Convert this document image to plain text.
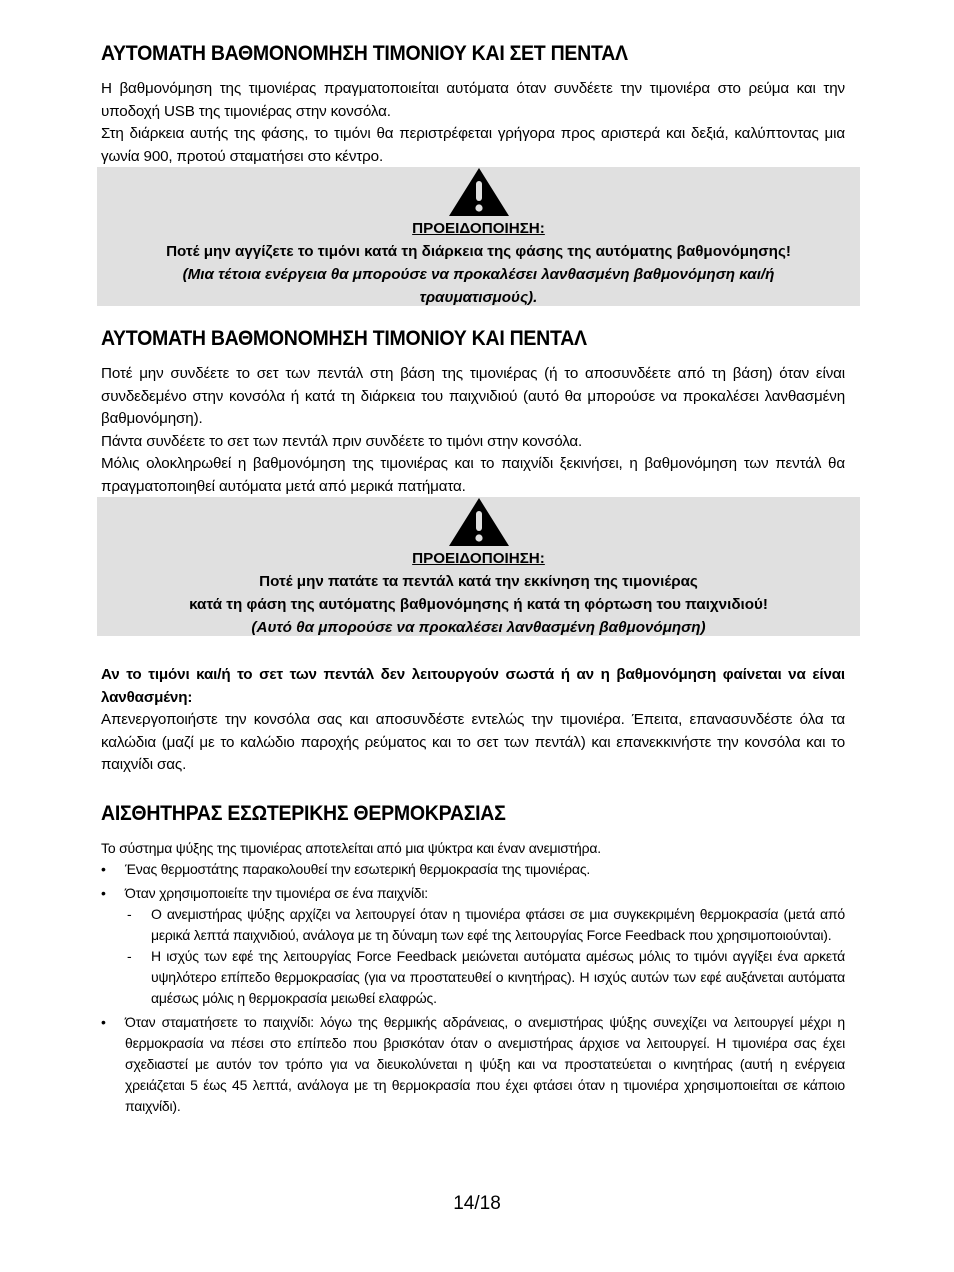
ΑΥΤΟΜΑΤΗ ΒΑΘΜΟΝΟΜΗΣΗ ΤΙΜΟΝΙΟΥ ΚΑΙ ΣΕΤ ΠΕΝΤΑΛ

Η βαθμονόμηση της τιμονιέρας πραγματοποιείται αυτόματα όταν συνδέετε την τιμονιέρα στο ρεύμα και την υποδοχή USB της τιμονιέρας στην κονσόλα.

Στη διάρκεια αυτής της φάσης, το τιμόνι θα περιστρέφεται γρήγορα προς αριστερά και δεξιά, καλύπτοντας μια γωνία 900, προτού σταματήσει στο κέντρο.

ΠΡΟΕΙΔΟΠΟΙΗΣΗ:
Ποτέ μην αγγίζετε το τιμόνι κατά τη διάρκεια της φάσης της αυτόματης βαθμονόμησης!
(Μια τέτοια ενέργεια θα μπορούσε να προκαλέσει λανθασμένη βαθμονόμηση και/ή
τραυματισμούς).
ΑΥΤΟΜΑΤΗ ΒΑΘΜΟΝΟΜΗΣΗ ΤΙΜΟΝΙΟΥ ΚΑΙ ΠΕΝΤΑΛ

Ποτέ μην συνδέετε το σετ των πεντάλ στη βάση της τιμονιέρας (ή το αποσυνδέετε από τη βάση) όταν είναι συνδεδεμένο στην κονσόλα ή κατά τη διάρκεια του παιχνιδιού (αυτό θα μπορούσε να προκαλέσει λανθασμένη βαθμονόμηση).

Πάντα συνδέετε το σετ των πεντάλ πριν συνδέετε το τιμόνι στην κονσόλα.

Μόλις ολοκληρωθεί η βαθμονόμηση της τιμονιέρας και το παιχνίδι ξεκινήσει, η βαθμονόμηση των πεντάλ θα πραγματοποιηθεί αυτόματα μετά από μερικά πατήματα.

ΠΡΟΕΙΔΟΠΟΙΗΣΗ:
Ποτέ μην πατάτε τα πεντάλ κατά την εκκίνηση της τιμονιέρας
κατά τη φάση της αυτόματης βαθμονόμησης ή κατά τη φόρτωση του παιχνιδιού!
(Αυτό θα μπορούσε να προκαλέσει λανθασμένη βαθμονόμηση)

Αν το τιμόνι και/ή το σετ των πεντάλ δεν λειτουργούν σωστά ή αν η βαθμονόμηση φαίνεται να είναι λανθασμένη:

Απενεργοποιήστε την κονσόλα σας και αποσυνδέστε εντελώς την τιμονιέρα. Έπειτα, επανασυνδέστε όλα τα καλώδια (μαζί με το καλώδιο παροχής ρεύματος και το σετ των πεντάλ) και επανεκκινήστε την κονσόλα και το παιχνίδι σας.

ΑΙΣΘΗΤΗΡΑΣ ΕΣΩΤΕΡΙΚΗΣ ΘΕΡΜΟΚΡΑΣΙΑΣ

Το σύστημα ψύξης της τιμονιέρας αποτελείται από μια ψύκτρα και έναν ανεμιστήρα.

• Ένας θερμοστάτης παρακολουθεί την εσωτερική θερμοκρασία της τιμονιέρας.
• Όταν χρησιμοποιείτε την τιμονιέρα σε ένα παιχνίδι:
- Ο ανεμιστήρας ψύξης αρχίζει να λειτουργεί όταν η τιμονιέρα φτάσει σε μια συγκεκριμένη θερμοκρασία (μετά από μερικά λεπτά παιχνιδιού, ανάλογα με τη δύναμη των εφέ της λειτουργίας Force Feedback που χρησιμοποιούνται).
- Η ισχύς των εφέ της λειτουργίας Force Feedback μειώνεται αυτόματα αμέσως μόλις το τιμόνι αγγίξει ένα αρκετά υψηλότερο επίπεδο θερμοκρασίας (για να προστατευθεί ο κινητήρας). Η ισχύς αυτών των εφέ αυξάνεται αυτόματα αμέσως μόλις η θερμοκρασία μειωθεί ελαφρώς.
• Όταν σταματήσετε το παιχνίδι: λόγω της θερμικής αδράνειας, ο ανεμιστήρας ψύξης συνεχίζει να λειτουργεί μέχρι η θερμοκρασία να πέσει στο επίπεδο που βρισκόταν όταν ο ανεμιστήρας άρχισε να λειτουργεί. Η τιμονιέρα σας έχει σχεδιαστεί με αυτόν τον τρόπο για να διευκολύνεται η ψύξη και να προστατεύεται ο κινητήρας (αυτή η ενέργεια χρειάζεται 5 έως 45 λεπτά, ανάλογα με τη θερμοκρασία που έχει φτάσει όταν η τιμονιέρα χρησιμοποιείται σε κάποιο παιχνίδι).
14/18
